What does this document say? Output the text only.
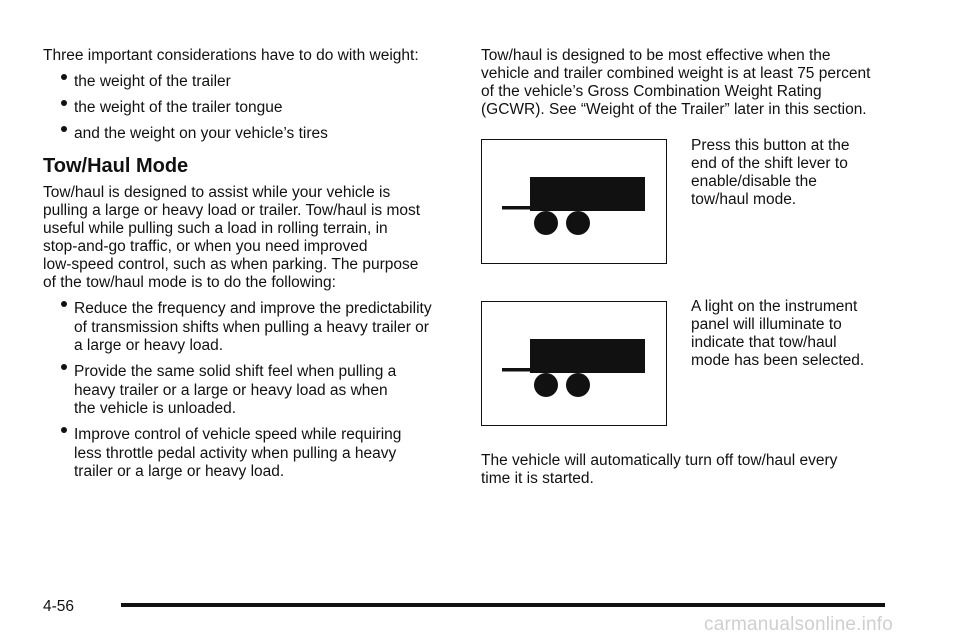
Three important considerations have to do with weight:
the weight of the trailer
the weight of the trailer tongue
and the weight on your vehicle’s tires
Tow/Haul Mode
Tow/haul is designed to assist while your vehicle is
pulling a large or heavy load or trailer. Tow/haul is most
useful while pulling such a load in rolling terrain, in
stop-and-go traffic, or when you need improved
low-speed control, such as when parking. The purpose
of the tow/haul mode is to do the following:
Reduce the frequency and improve the predictability
of transmission shifts when pulling a heavy trailer or
a large or heavy load.
Provide the same solid shift feel when pulling a
heavy trailer or a large or heavy load as when
the vehicle is unloaded.
Improve control of vehicle speed while requiring
less throttle pedal activity when pulling a heavy
trailer or a large or heavy load.
Tow/haul is designed to be most effective when the
vehicle and trailer combined weight is at least 75 percent
of the vehicle’s Gross Combination Weight Rating
(GCWR). See “Weight of the Trailer” later in this section.
Press this button at the
end of the shift lever to
enable/disable the
tow/haul mode.
A light on the instrument
panel will illuminate to
indicate that tow/haul
mode has been selected.
The vehicle will automatically turn off tow/haul every
time it is started.
4-56
carmanualsonline.info
